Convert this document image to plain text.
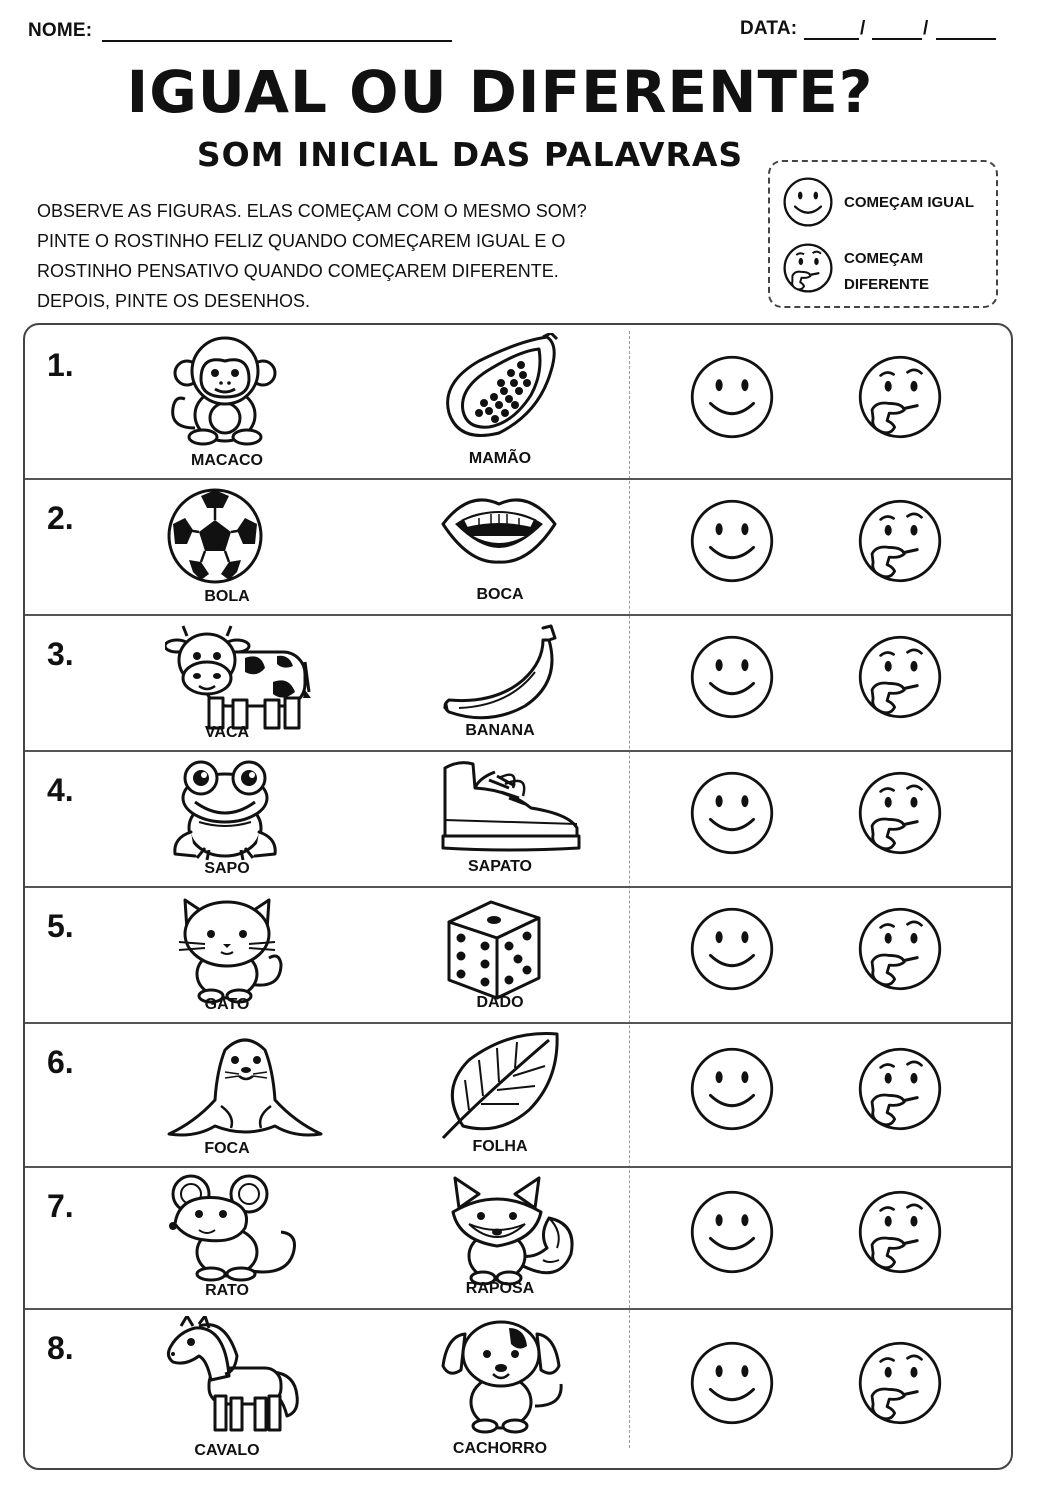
NOME:	DATA:	/	/
IGUAL OU DIFERENTE?
SOM INICIAL DAS PALAVRAS
OBSERVE AS FIGURAS. ELAS COMEÇAM COM O MESMO SOM?
PINTE O ROSTINHO FELIZ QUANDO COMEÇAREM IGUAL E O
ROSTINHO PENSATIVO QUANDO COMEÇAREM DIFERENTE.
DEPOIS, PINTE OS DESENHOS.
COMEÇAM IGUAL
COMEÇAM
DIFERENTE
1.
MACACO	MAMÃO
2.
BOLA	BOCA
3.
VACA	BANANA
4.
SAPO	SAPATO
5.
GATO	DADO
6.
FOCA	FOLHA
7.
RATO	RAPOSA
8.
CAVALO	CACHORRO
